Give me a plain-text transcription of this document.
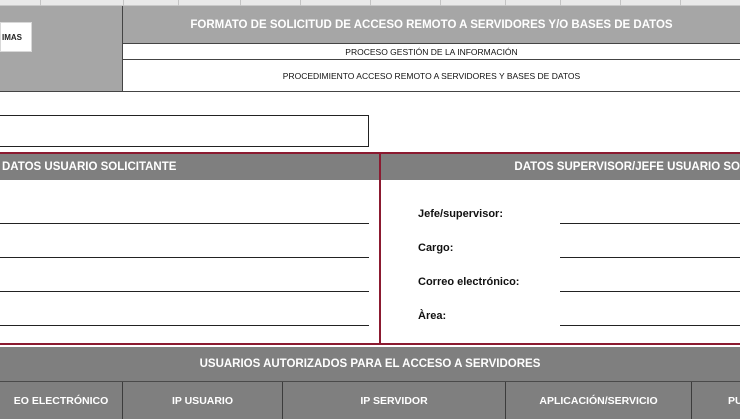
IMAS
FORMATO DE SOLICITUD DE ACCESO REMOTO A SERVIDORES Y/O BASES DE DATOS
PROCESO GESTIÓN DE LA INFORMACIÓN
PROCEDIMIENTO ACCESO REMOTO A SERVIDORES Y BASES DE DATOS
DATOS USUARIO SOLICITANTE	DATOS SUPERVISOR/JEFE USUARIO SO
Jefe/supervisor:
Cargo:
Correo electrónico:
Àrea:
USUARIOS AUTORIZADOS PARA EL ACCESO A SERVIDORES
EO ELECTRÓNICO	IP USUARIO	IP SERVIDOR	APLICACIÓN/SERVICIO	PU
